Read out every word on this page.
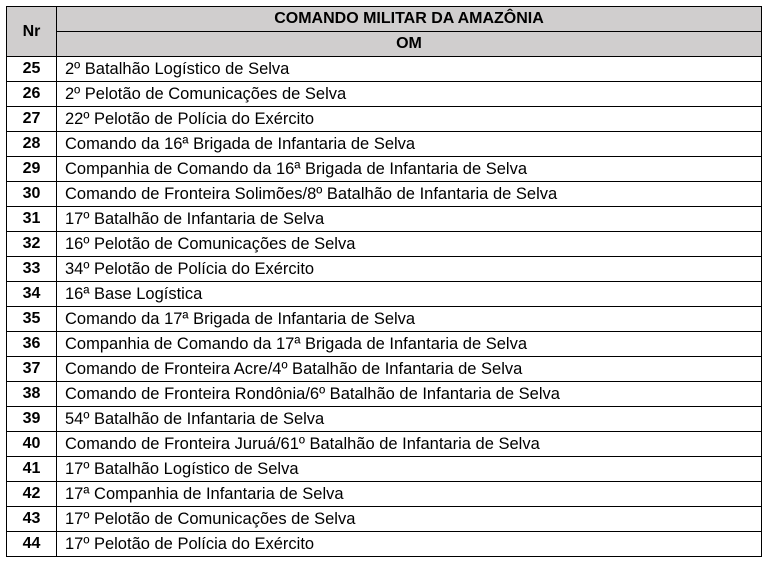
Nr	COMANDO MILITAR DA AMAZÔNIA
	OM
25	2º Batalhão Logístico de Selva
26	2º Pelotão de Comunicações de Selva
27	22º Pelotão de Polícia do Exército
28	Comando da 16ª Brigada de Infantaria de Selva
29	Companhia de Comando da 16ª Brigada de Infantaria de Selva
30	Comando de Fronteira Solimões/8º Batalhão de Infantaria de Selva
31	17º Batalhão de Infantaria de Selva
32	16º Pelotão de Comunicações de Selva
33	34º Pelotão de Polícia do Exército
34	16ª Base Logística
35	Comando da 17ª Brigada de Infantaria de Selva
36	Companhia de Comando da 17ª Brigada de Infantaria de Selva
37	Comando de Fronteira Acre/4º Batalhão de Infantaria de Selva
38	Comando de Fronteira Rondônia/6º Batalhão de Infantaria de Selva
39	54º Batalhão de Infantaria de Selva
40	Comando de Fronteira Juruá/61º Batalhão de Infantaria de Selva
41	17º Batalhão Logístico de Selva
42	17ª Companhia de Infantaria de Selva
43	17º Pelotão de Comunicações de Selva
44	17º Pelotão de Polícia do Exército
